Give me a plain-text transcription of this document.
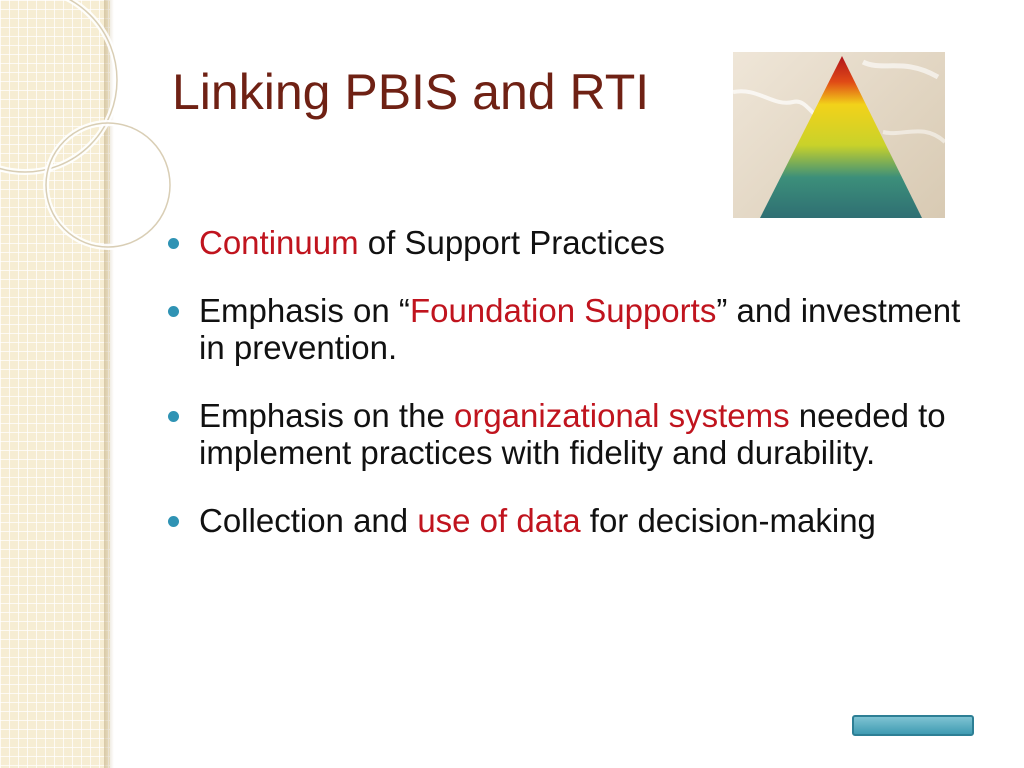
Linking PBIS and RTI
Continuum of Support Practices
Emphasis on “Foundation Supports” and investment in prevention.
Emphasis on the organizational systems needed to implement practices with fidelity and durability.
Collection and use of data for decision-making
